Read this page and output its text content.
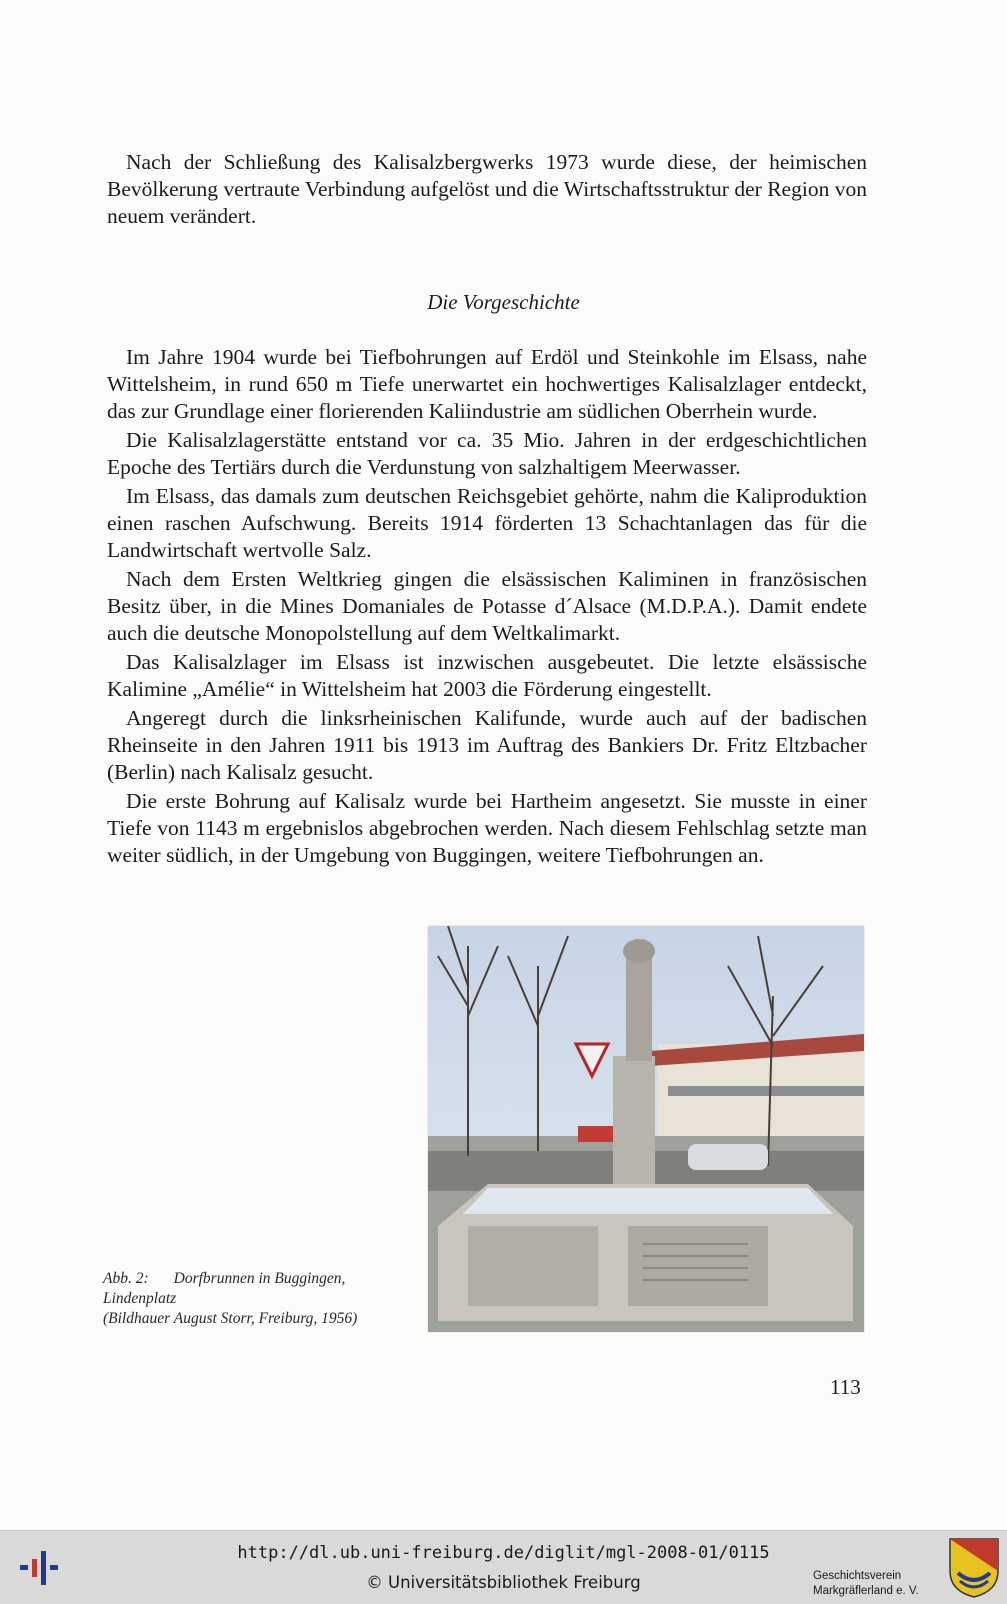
Nach der Schließung des Kalisalzbergwerks 1973 wurde diese, der heimischen Bevölkerung vertraute Verbindung aufgelöst und die Wirtschaftsstruktur der Region von neuem verändert.

Die Vorgeschichte

Im Jahre 1904 wurde bei Tiefbohrungen auf Erdöl und Steinkohle im Elsass, nahe Wittelsheim, in rund 650 m Tiefe unerwartet ein hochwertiges Kalisalzlager entdeckt, das zur Grundlage einer florierenden Kaliindustrie am südlichen Oberrhein wurde.

Die Kalisalzlagerstätte entstand vor ca. 35 Mio. Jahren in der erdgeschichtlichen Epoche des Tertiärs durch die Verdunstung von salzhaltigem Meerwasser.

Im Elsass, das damals zum deutschen Reichsgebiet gehörte, nahm die Kaliproduktion einen raschen Aufschwung. Bereits 1914 förderten 13 Schachtanlagen das für die Landwirtschaft wertvolle Salz.

Nach dem Ersten Weltkrieg gingen die elsässischen Kaliminen in französischen Besitz über, in die Mines Domaniales de Potasse d´Alsace (M.D.P.A.). Damit endete auch die deutsche Monopolstellung auf dem Weltkalimarkt.

Das Kalisalzlager im Elsass ist inzwischen ausgebeutet. Die letzte elsässische Kalimine „Amélie“ in Wittelsheim hat 2003 die Förderung eingestellt.

Angeregt durch die linksrheinischen Kalifunde, wurde auch auf der badischen Rheinseite in den Jahren 1911 bis 1913 im Auftrag des Bankiers Dr. Fritz Eltzbacher (Berlin) nach Kalisalz gesucht.

Die erste Bohrung auf Kalisalz wurde bei Hartheim angesetzt. Sie musste in einer Tiefe von 1143 m ergebnislos abgebrochen werden. Nach diesem Fehlschlag setzte man weiter südlich, in der Umgebung von Buggingen, weitere Tiefbohrungen an.

Abb. 2: Dorfbrunnen in Buggingen,
Lindenplatz
(Bildhauer August Storr, Freiburg, 1956)
113
http://dl.ub.uni-freiburg.de/diglit/mgl-2008-01/0115
© Universitätsbibliothek Freiburg	Geschichtsverein
Markgräflerland e. V.
